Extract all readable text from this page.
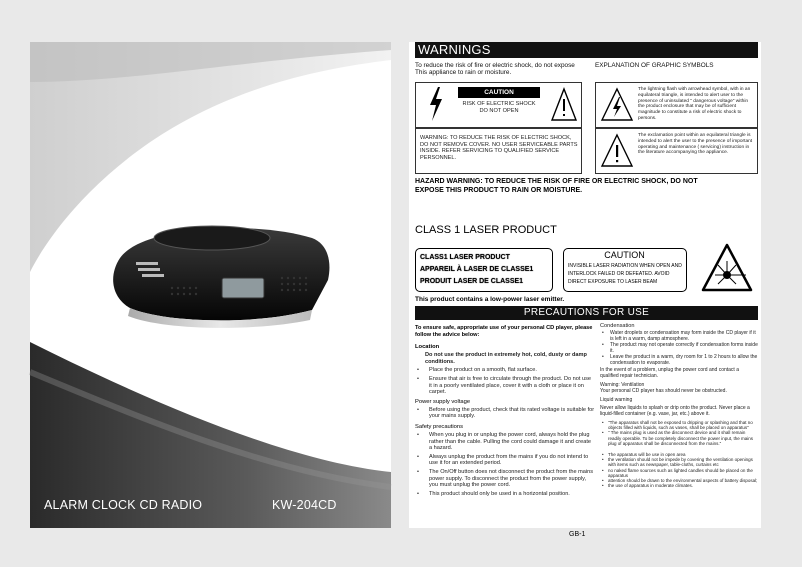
ALARM CLOCK CD RADIO	KW-204CD
WARNINGS
To reduce the risk of fire or electric shock, do not expose This appliance to rain or moisture.
EXPLANATION OF GRAPHIC SYMBOLS
CAUTION
RISK OF ELECTRIC SHOCK DO NOT OPEN
WARNING: TO REDUCE THE RISK OF ELECTRIC SHOCK, DO NOT REMOVE COVER. NO USER SERVICEABLE PARTS INSIDE. REFER SERVICING TO QUALIFIED SERVICE PERSONNEL.
The lightning flash with arrowhead symbol, with in an equilateral triangle, is intended to alert user to the presence of uninsulated " dangerous voltage" within the product enclosure that may be of sufficient magnitude to constitute a risk of electric shock to persons.
The exclamation point within an equilateral triangle is intended to alert the user to the presence of important operating and maintenance ( servicing) instruction in the literature accompanying the appliance.
HAZARD WARNING: TO REDUCE THE RISK OF FIRE OR ELECTRIC SHOCK, DO NOT EXPOSE THIS PRODUCT TO RAIN OR MOISTURE.
CLASS 1 LASER PRODUCT
CLASS1 LASER PRODUCT
APPAREIL À LASER DE CLASSE1
PRODUIT LASER DE CLASSE1
CAUTION
INVISIBLE LASER RADIATION WHEN OPEN AND INTERLOCK FAILED OR DEFEATED. AVOID DIRECT EXPOSURE TO LASER BEAM
This product contains a low-power laser emitter.
PRECAUTIONS FOR USE
To ensure safe, appropriate use of your personal CD player, please follow the advice below:
Location
Do not use the product in extremely hot, cold, dusty or damp conditions.
• Place the product on a smooth, flat surface.
• Ensure that air is free to circulate through the product. Do not use it in a poorly ventilated place, cover it with a cloth or place it on carpet.
Power supply voltage
• Before using the product, check that its rated voltage is suitable for your mains supply.
Safety precautions
• When you plug in or unplug the power cord, always hold the plug rather than the cable. Pulling the cord could damage it and create a hazard.
• Always unplug the product from the mains if you do not intend to use it for an extended period.
• The On/Off button does not disconnect the product from the mains power supply. To disconnect the product from the power supply, you must unplug the power cord.
• This product should only be used in a horizontal position.
Condensation
• Water droplets or condensation may form inside the CD player if it is left in a warm, damp atmosphere.
• The product may not operate correctly if condensation forms inside it.
• Leave the product in a warm, dry room for 1 to 2 hours to allow the condensation to evaporate.
In the event of a problem, unplug the power cord and contact a qualified repair technician.
Warning: Ventilation
Your personal CD player has should never be obstructed.
Liquid warning
Never allow liquids to splash or drip onto the product. Never place a liquid-filled container (e.g. vase, jar, etc.) above it.
• "The apparatus shall not be exposed to dripping or splashing and that no objects filled with liquids, such as vases, shall be placed on apparatus"
• " The mains plug is used as the disconnect device and it shall remain readily operable. To be completely disconnect the power input, the mains plug of apparatus shall be disconnected from the mains."
• The apparatus will be use in open area
• the ventilation should not be impede by covering the ventilation openings with items such as newspaper, table-cloths, curtains etc
• no naked flame sources such as lighted candles should be placed on the apparatus
• attention should be drawn to the environmental aspects of battery disposal;
• the use of apparatus in moderate climates.
GB-1
